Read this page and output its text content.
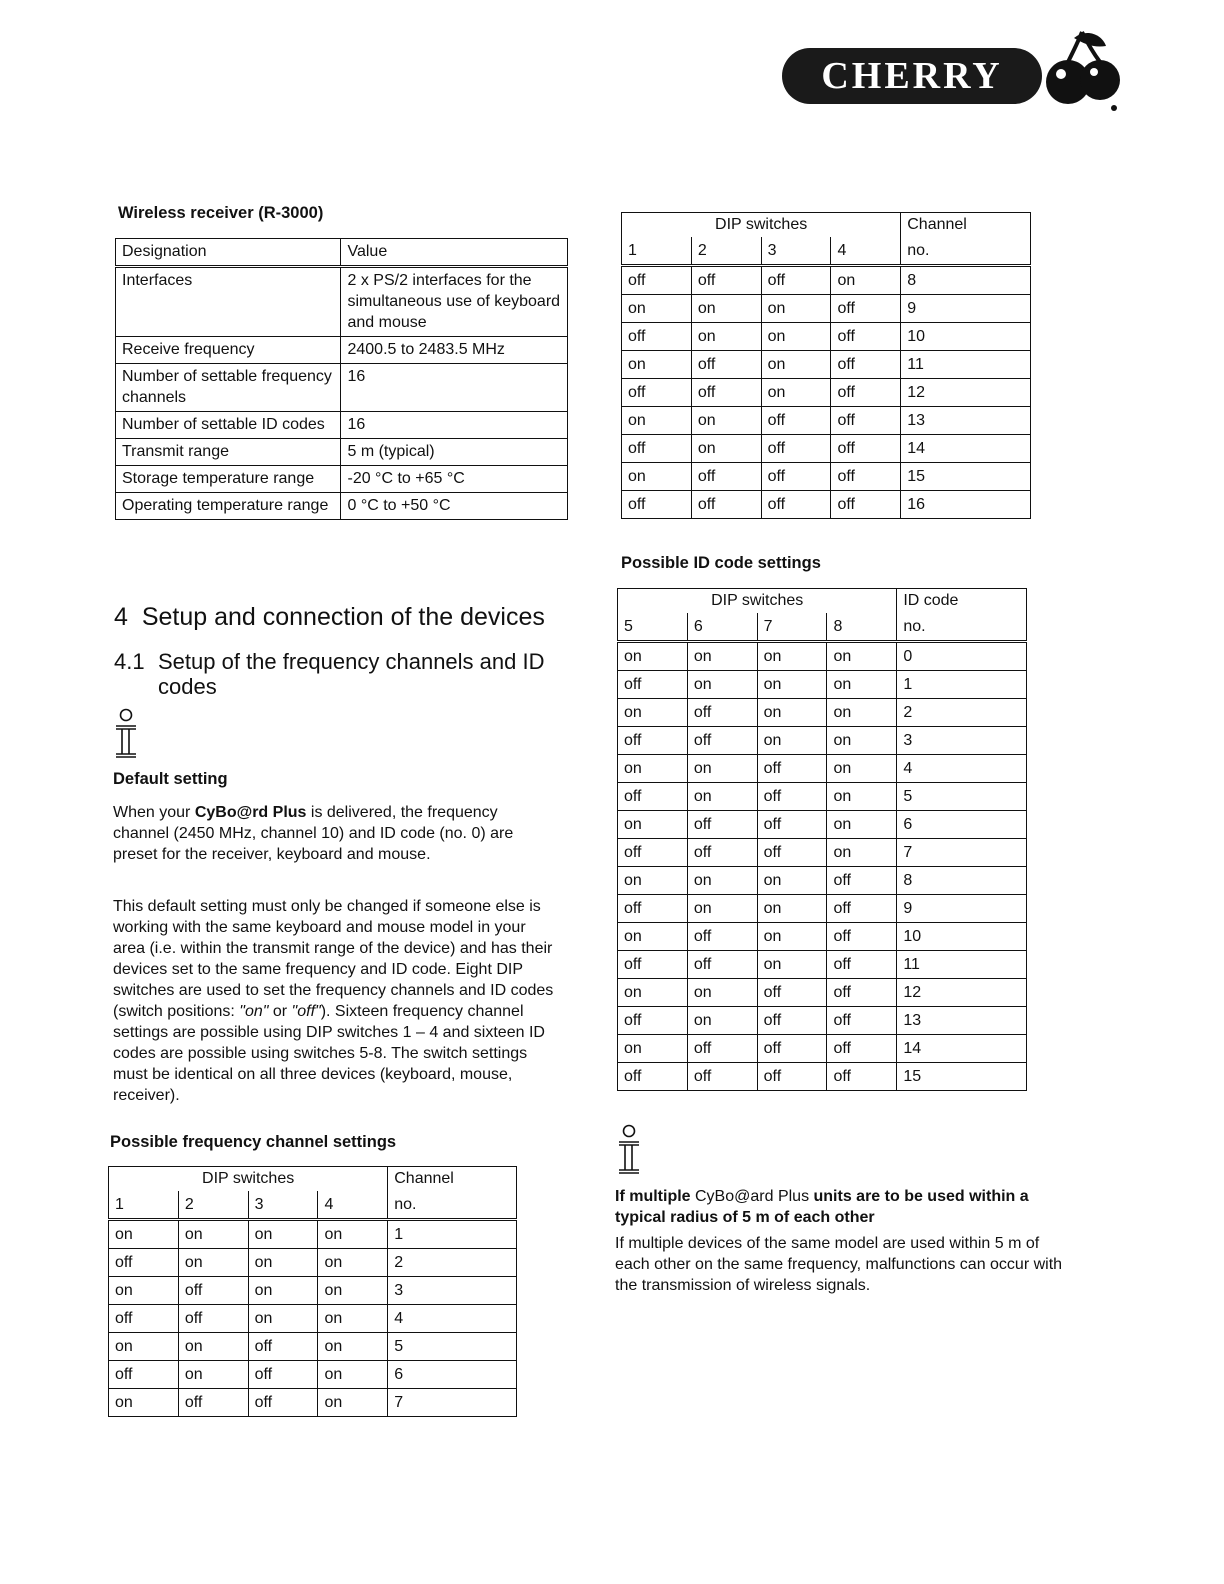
CHERRY
Wireless receiver (R-3000)
Designation	Value
Interfaces	2 x PS/2 interfaces for the simultaneous use of keyboard and mouse
Receive frequency	2400.5 to 2483.5 MHz
Number of settable frequency channels	16
Number of settable ID codes	16
Transmit range	5 m (typical)
Storage temperature range	-20 °C to +65 °C
Operating temperature range	0 °C to +50 °C
4 Setup and connection of the devices
4.1 Setup of the frequency channels and ID codes
Default setting
When your CyBo@rd Plus is delivered, the frequency channel (2450 MHz, channel 10) and ID code (no. 0) are preset for the receiver, keyboard and mouse.
This default setting must only be changed if someone else is working with the same keyboard and mouse model in your area (i.e. within the transmit range of the device) and has their devices set to the same frequency and ID code. Eight DIP switches are used to set the frequency channels and ID codes (switch positions: "on" or "off"). Sixteen frequency channel settings are possible using DIP switches 1 – 4 and sixteen ID codes are possible using switches 5-8. The switch settings must be identical on all three devices (keyboard, mouse, receiver).
Possible frequency channel settings
DIP switches				Channel
1	2	3	4	no.
on	on	on	on	1
off	on	on	on	2
on	off	on	on	3
off	off	on	on	4
on	on	off	on	5
off	on	off	on	6
on	off	off	on	7
DIP switches				Channel
1	2	3	4	no.
off	off	off	on	8
on	on	on	off	9
off	on	on	off	10
on	off	on	off	11
off	off	on	off	12
on	on	off	off	13
off	on	off	off	14
on	off	off	off	15
off	off	off	off	16
Possible ID code settings
DIP switches				ID code
5	6	7	8	no.
on	on	on	on	0
off	on	on	on	1
on	off	on	on	2
off	off	on	on	3
on	on	off	on	4
off	on	off	on	5
on	off	off	on	6
off	off	off	on	7
on	on	on	off	8
off	on	on	off	9
on	off	on	off	10
off	off	on	off	11
on	on	off	off	12
off	on	off	off	13
on	off	off	off	14
off	off	off	off	15
If multiple CyBo@ard Plus units are to be used within a typical radius of 5 m of each other
If multiple devices of the same model are used within 5 m of each other on the same frequency, malfunctions can occur with the transmission of wireless signals.
